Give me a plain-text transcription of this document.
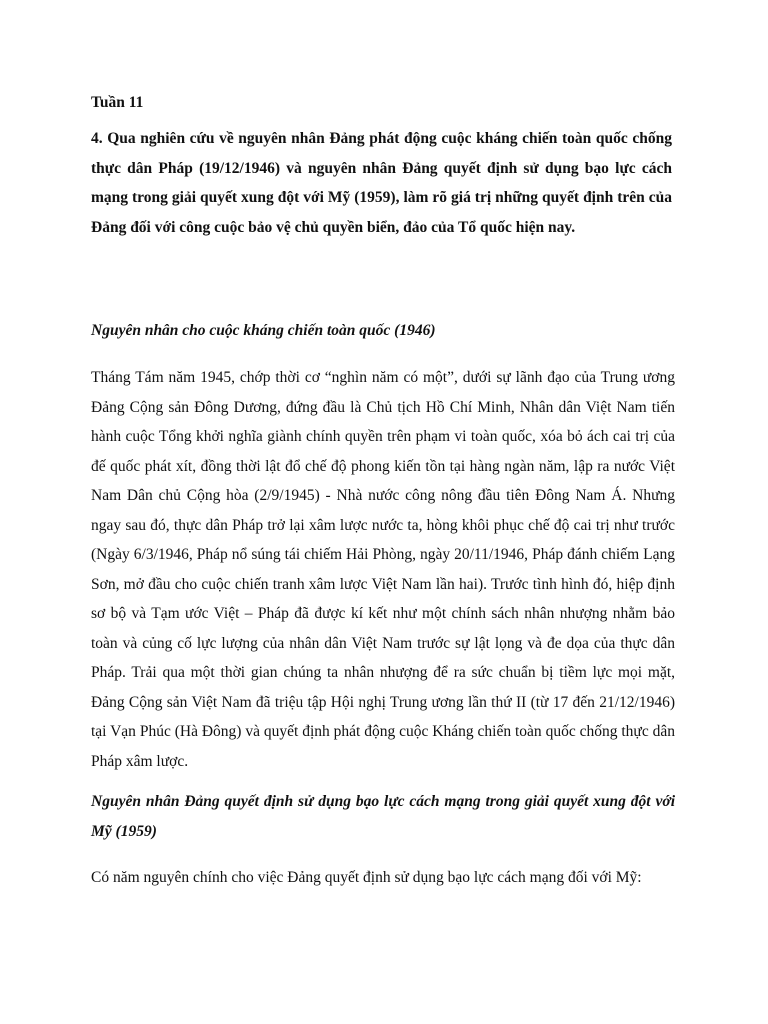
Tuần 11

4. Qua nghiên cứu về nguyên nhân Đảng phát động cuộc kháng chiến toàn quốc chống thực dân Pháp (19/12/1946) và nguyên nhân Đảng quyết định sử dụng bạo lực cách mạng trong giải quyết xung đột với Mỹ (1959), làm rõ giá trị những quyết định trên của Đảng đối với công cuộc bảo vệ chủ quyền biển, đảo của Tổ quốc hiện nay.

Nguyên nhân cho cuộc kháng chiến toàn quốc (1946)

Tháng Tám năm 1945, chớp thời cơ “nghìn năm có một”, dưới sự lãnh đạo của Trung ương Đảng Cộng sản Đông Dương, đứng đầu là Chủ tịch Hồ Chí Minh, Nhân dân Việt Nam tiến hành cuộc Tổng khởi nghĩa giành chính quyền trên phạm vi toàn quốc, xóa bỏ ách cai trị của đế quốc phát xít, đồng thời lật đổ chế độ phong kiến tồn tại hàng ngàn năm, lập ra nước Việt Nam Dân chủ Cộng hòa (2/9/1945) - Nhà nước công nông đầu tiên Đông Nam Á. Nhưng ngay sau đó, thực dân Pháp trở lại xâm lược nước ta, hòng khôi phục chế độ cai trị như trước (Ngày 6/3/1946, Pháp nổ súng tái chiếm Hải Phòng, ngày 20/11/1946, Pháp đánh chiếm Lạng Sơn, mở đầu cho cuộc chiến tranh xâm lược Việt Nam lần hai). Trước tình hình đó, hiệp định sơ bộ và Tạm ước Việt – Pháp đã được kí kết như một chính sách nhân nhượng nhằm bảo toàn và củng cố lực lượng của nhân dân Việt Nam trước sự lật lọng và đe dọa của thực dân Pháp. Trải qua một thời gian chúng ta nhân nhượng để ra sức chuẩn bị tiềm lực mọi mặt, Đảng Cộng sản Việt Nam đã triệu tập Hội nghị Trung ương lần thứ II (từ 17 đến 21/12/1946) tại Vạn Phúc (Hà Đông) và quyết định phát động cuộc Kháng chiến toàn quốc chống thực dân Pháp xâm lược.

Nguyên nhân Đảng quyết định sử dụng bạo lực cách mạng trong giải quyết xung đột với Mỹ (1959)

Có năm nguyên chính cho việc Đảng quyết định sử dụng bạo lực cách mạng đối với Mỹ:
